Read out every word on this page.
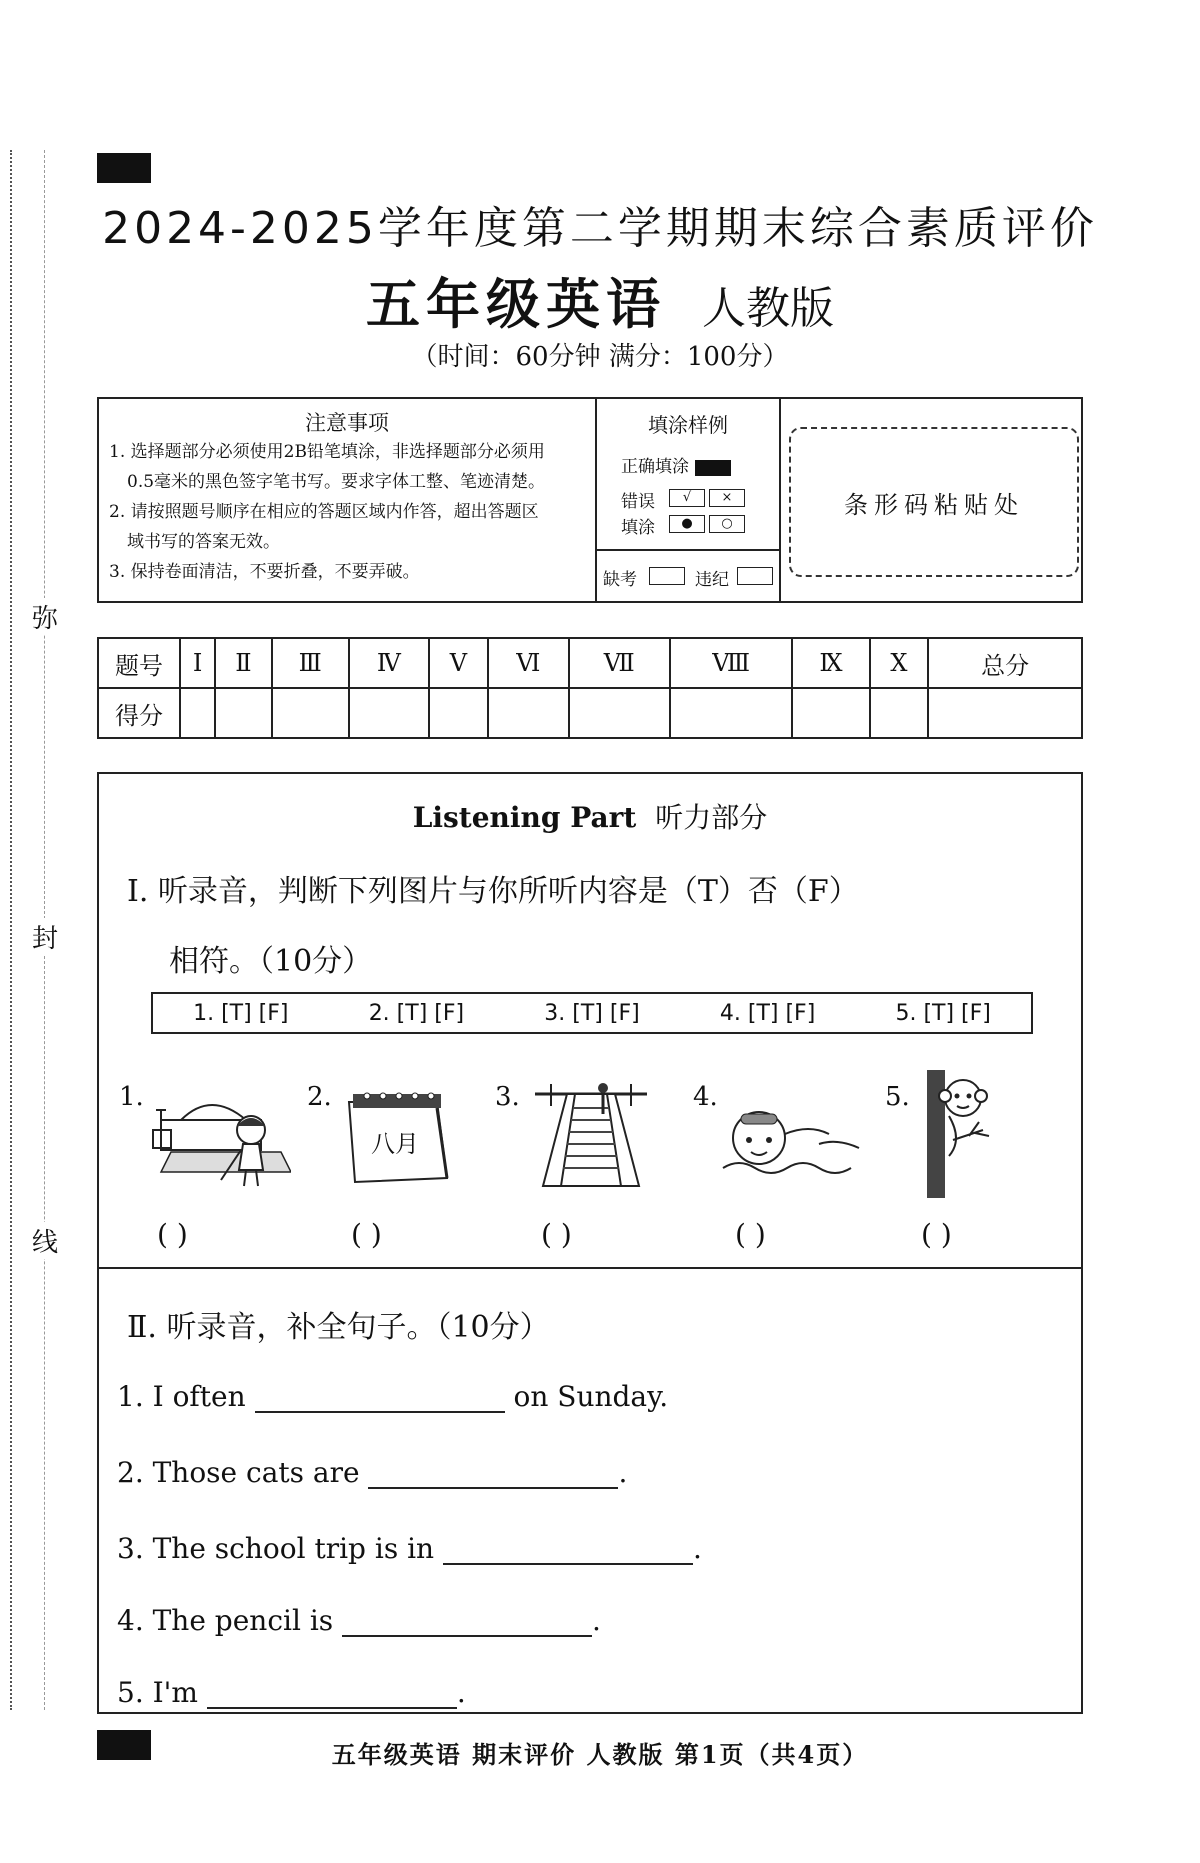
弥
封
线
2024-2025学年度第二学期期末综合素质评价
五年级英语 人教版
（时间：60分钟 满分：100分）
注意事项
1. 选择题部分必须使用2B铅笔填涂，非选择题部分必须用
0.5毫米的黑色签字笔书写。要求字体工整、笔迹清楚。
2. 请按照题号顺序在相应的答题区域内作答，超出答题区
域书写的答案无效。
3. 保持卷面清洁，不要折叠，不要弄破。
填涂样例
正确填涂
错误
填涂
√ ×
● ○
缺考	违纪
条形码粘贴处
题号	I	Ⅱ	Ⅲ	Ⅳ	V	Ⅵ	Ⅶ	Ⅷ	Ⅸ	X	总分
得分											
Listening Part 听力部分
Ⅰ. 听录音，判断下列图片与你所听内容是（T）否（F）
相符。（10分）
1. [T] [F]	2. [T] [F]	3. [T] [F]	4. [T] [F]	5. [T] [F]
1.	2.
八月
3.	4.	5.
( )	( )	( )	( )	( )
Ⅱ. 听录音，补全句子。（10分）
1. I often	on Sunday.
2. Those cats are	.
3. The school trip is in	.
4. The pencil is	.
5. I'm	.
五年级英语 期末评价 人教版 第1页（共4页）
